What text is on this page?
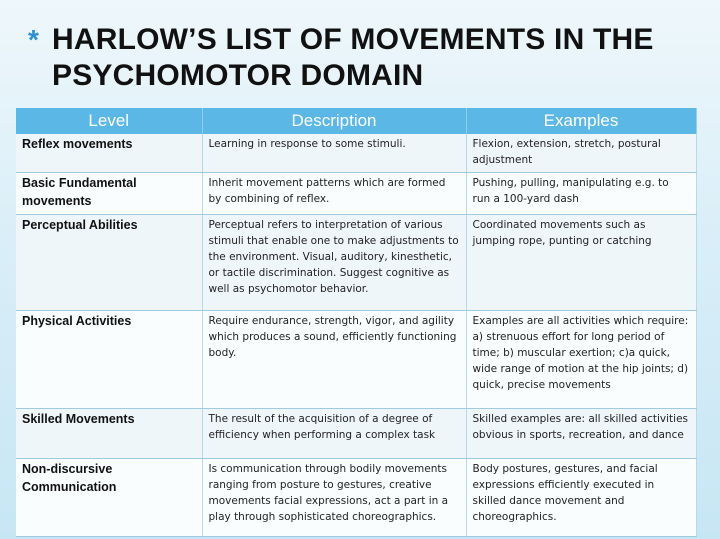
* HARLOW’S LIST OF MOVEMENTS IN THE PSYCHOMOTOR DOMAIN
Level	Description	Examples
Reflex movements	Learning in response to some stimuli.	Flexion, extension, stretch, postural adjustment
Basic Fundamental movements	Inherit movement patterns which are formed by combining of reflex.	Pushing, pulling, manipulating e.g. to run a 100-yard dash
Perceptual Abilities	Perceptual refers to interpretation of various stimuli that enable one to make adjustments to the environment. Visual, auditory, kinesthetic, or tactile discrimination. Suggest cognitive as well as psychomotor behavior.	Coordinated movements such as jumping rope, punting or catching
Physical Activities	Require endurance, strength, vigor, and agility which produces a sound, efficiently functioning body.	Examples are all activities which require: a) strenuous effort for long period of time; b) muscular exertion; c)a quick, wide range of motion at the hip joints; d) quick, precise movements
Skilled Movements	The result of the acquisition of a degree of efficiency when performing a complex task	Skilled examples are: all skilled activities obvious in sports, recreation, and dance
Non-discursive Communication	Is communication through bodily movements ranging from posture to gestures, creative movements facial expressions, act a part in a play through sophisticated choreographics.	Body postures, gestures, and facial expressions efficiently executed in skilled dance movement and choreographics.
